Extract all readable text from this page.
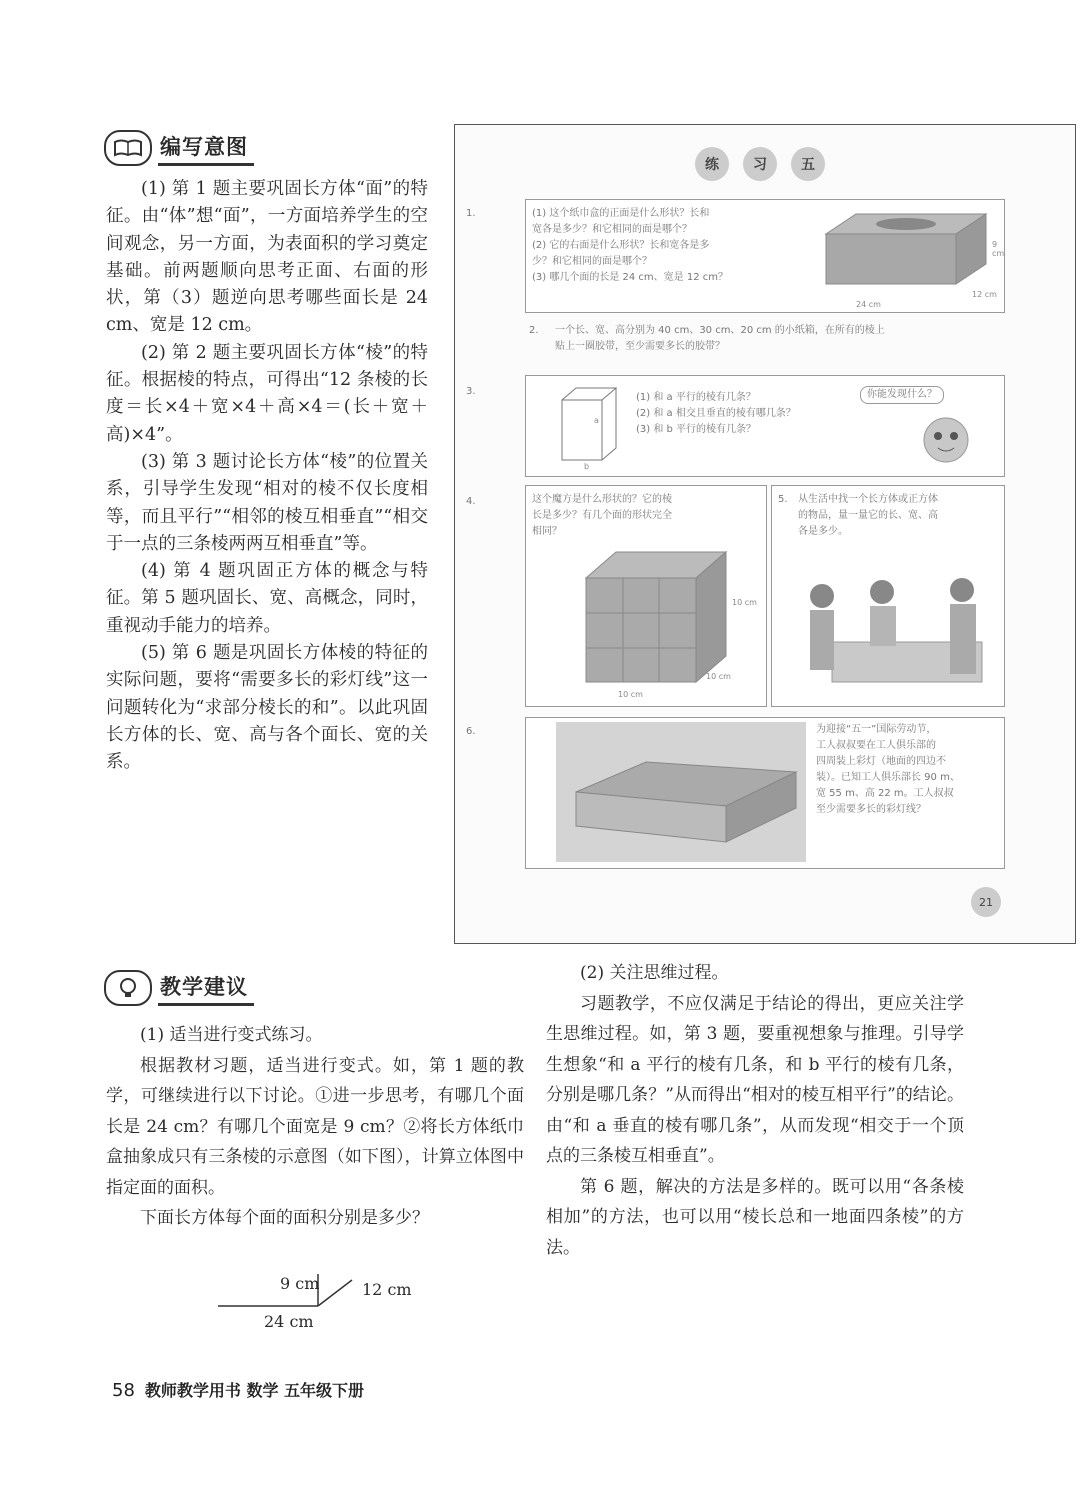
编写意图

(1) 第 1 题主要巩固长方体“面”的特征。由“体”想“面”，一方面培养学生的空间观念，另一方面，为表面积的学习奠定基础。前两题顺向思考正面、右面的形状，第（3）题逆向思考哪些面长是 24 cm、宽是 12 cm。

(2) 第 2 题主要巩固长方体“棱”的特征。根据棱的特点，可得出“12 条棱的长度＝长×4＋宽×4＋高×4＝(长＋宽＋高)×4”。

(3) 第 3 题讨论长方体“棱”的位置关系，引导学生发现“相对的棱不仅长度相等，而且平行”“相邻的棱互相垂直”“相交于一点的三条棱两两互相垂直”等。

(4) 第 4 题巩固正方体的概念与特征。第 5 题巩固长、宽、高概念，同时，重视动手能力的培养。

(5) 第 6 题是巩固长方体棱的特征的实际问题，要将“需要多长的彩灯线”这一问题转化为“求部分棱长的和”。以此巩固长方体的长、宽、高与各个面长、宽的关系。

练	习	五
1.	(1) 这个纸巾盒的正面是什么形状？长和
宽各是多少？和它相同的面是哪个？
(2) 它的右面是什么形状？长和宽各是多
少？和它相同的面是哪个？
(3) 哪几个面的长是 24 cm、宽是 12 cm？
24 cm
12 cm
9 cm
2. 一个长、宽、高分别为 40 cm、30 cm、20 cm 的小纸箱，在所有的棱上
贴上一圈胶带，至少需要多长的胶带？
3.
a
b
(1) 和 a 平行的棱有几条？
(2) 和 a 相交且垂直的棱有哪几条？
(3) 和 b 平行的棱有几条？
你能发现什么？
4.	这个魔方是什么形状的？它的棱
长是多少？有几个面的形状完全
相同？
10 cm
10 cm
10 cm
5. 从生活中找一个长方体或正方体
的物品，量一量它的长、宽、高
各是多少。
6.	为迎接“五一”国际劳动节，
工人叔叔要在工人俱乐部的
四周装上彩灯（地面的四边不
装）。已知工人俱乐部长 90 m、
宽 55 m、高 22 m。工人叔叔
至少需要多长的彩灯线？
21
教学建议

(1) 适当进行变式练习。

根据教材习题，适当进行变式。如，第 1 题的教学，可继续进行以下讨论。①进一步思考，有哪几个面长是 24 cm？有哪几个面宽是 9 cm？②将长方体纸巾盒抽象成只有三条棱的示意图（如下图），计算立体图中指定面的面积。

下面长方体每个面的面积分别是多少？

9 cm	12 cm
24 cm

(2) 关注思维过程。

习题教学，不应仅满足于结论的得出，更应关注学生思维过程。如，第 3 题，要重视想象与推理。引导学生想象“和 a 平行的棱有几条，和 b 平行的棱有几条，分别是哪几条？”从而得出“相对的棱互相平行”的结论。由“和 a 垂直的棱有哪几条”，从而发现“相交于一个顶点的三条棱互相垂直”。

第 6 题，解决的方法是多样的。既可以用“各条棱相加”的方法，也可以用“棱长总和一地面四条棱”的方法。

58 教师教学用书 数学 五年级下册
